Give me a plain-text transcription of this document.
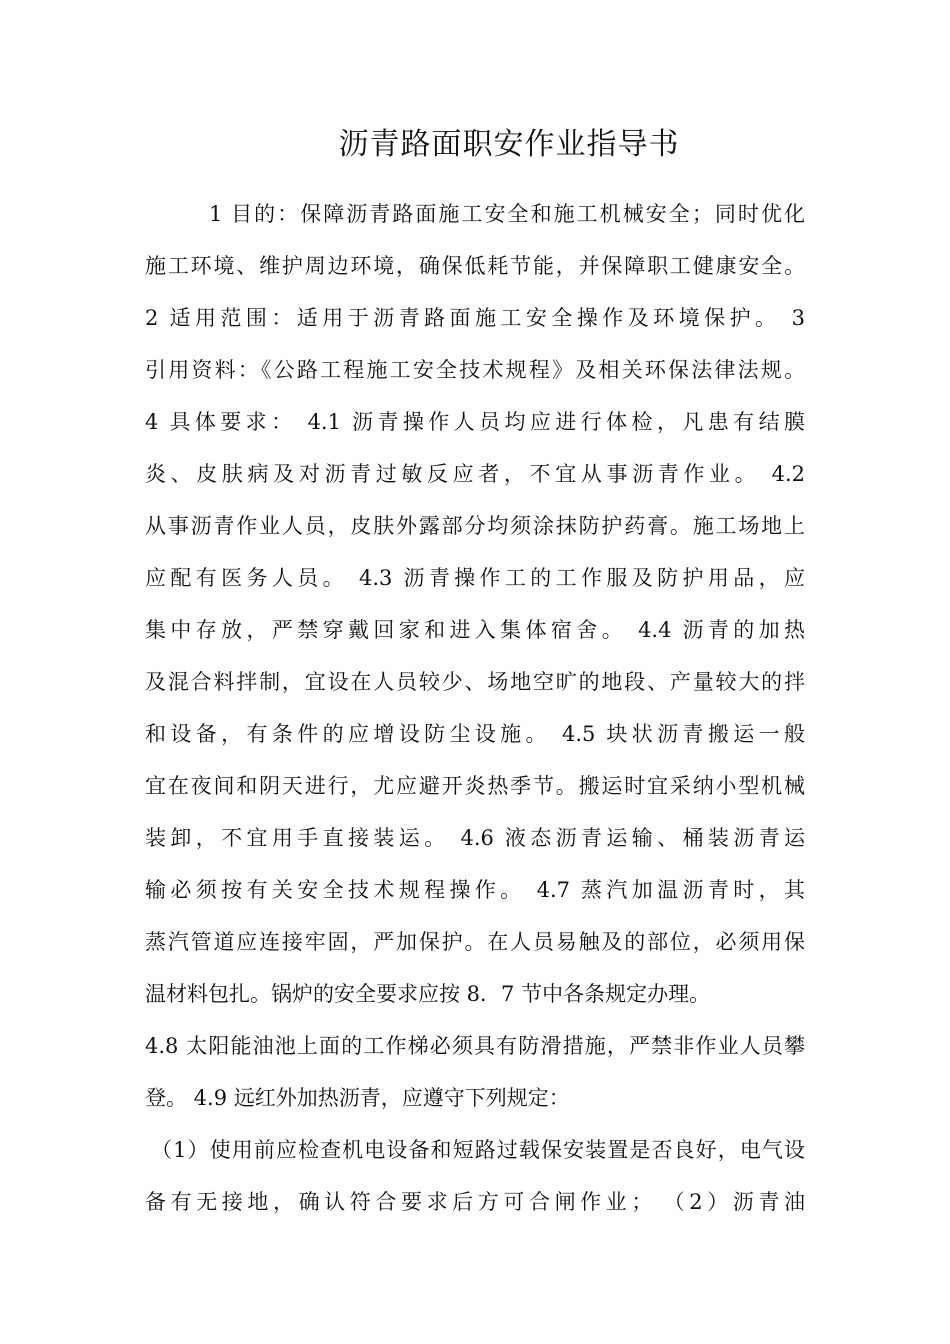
沥青路面职安作业指导书

1 目的：保障沥青路面施工安全和施工机械安全；同时优化

施工环境、维护周边环境，确保低耗节能，并保障职工健康安全。

2 适用范围：适用于沥青路面施工安全操作及环境保护。 3

引用资料：《公路工程施工安全技术规程》及相关环保法律法规。

4 具体要求： 4.1 沥青操作人员均应进行体检，凡患有结膜

炎、皮肤病及对沥青过敏反应者，不宜从事沥青作业。 4.2

从事沥青作业人员，皮肤外露部分均须涂抹防护药膏。施工场地上

应配有医务人员。 4.3 沥青操作工的工作服及防护用品，应

集中存放，严禁穿戴回家和进入集体宿舍。 4.4 沥青的加热

及混合料拌制，宜设在人员较少、场地空旷的地段、产量较大的拌

和设备，有条件的应增设防尘设施。 4.5 块状沥青搬运一般

宜在夜间和阴天进行，尤应避开炎热季节。搬运时宜采纳小型机械

装卸，不宜用手直接装运。 4.6 液态沥青运输、桶装沥青运

输必须按有关安全技术规程操作。 4.7 蒸汽加温沥青时，其

蒸汽管道应连接牢固，严加保护。在人员易触及的部位，必须用保

温材料包扎。锅炉的安全要求应按 8．7 节中各条规定办理。

4.8 太阳能油池上面的工作梯必须具有防滑措施，严禁非作业人员攀

登。 4.9 远红外加热沥青，应遵守下列规定：

（1）使用前应检查机电设备和短路过载保安装置是否良好，电气设

备有无接地，确认符合要求后方可合闸作业； （2）沥青油
